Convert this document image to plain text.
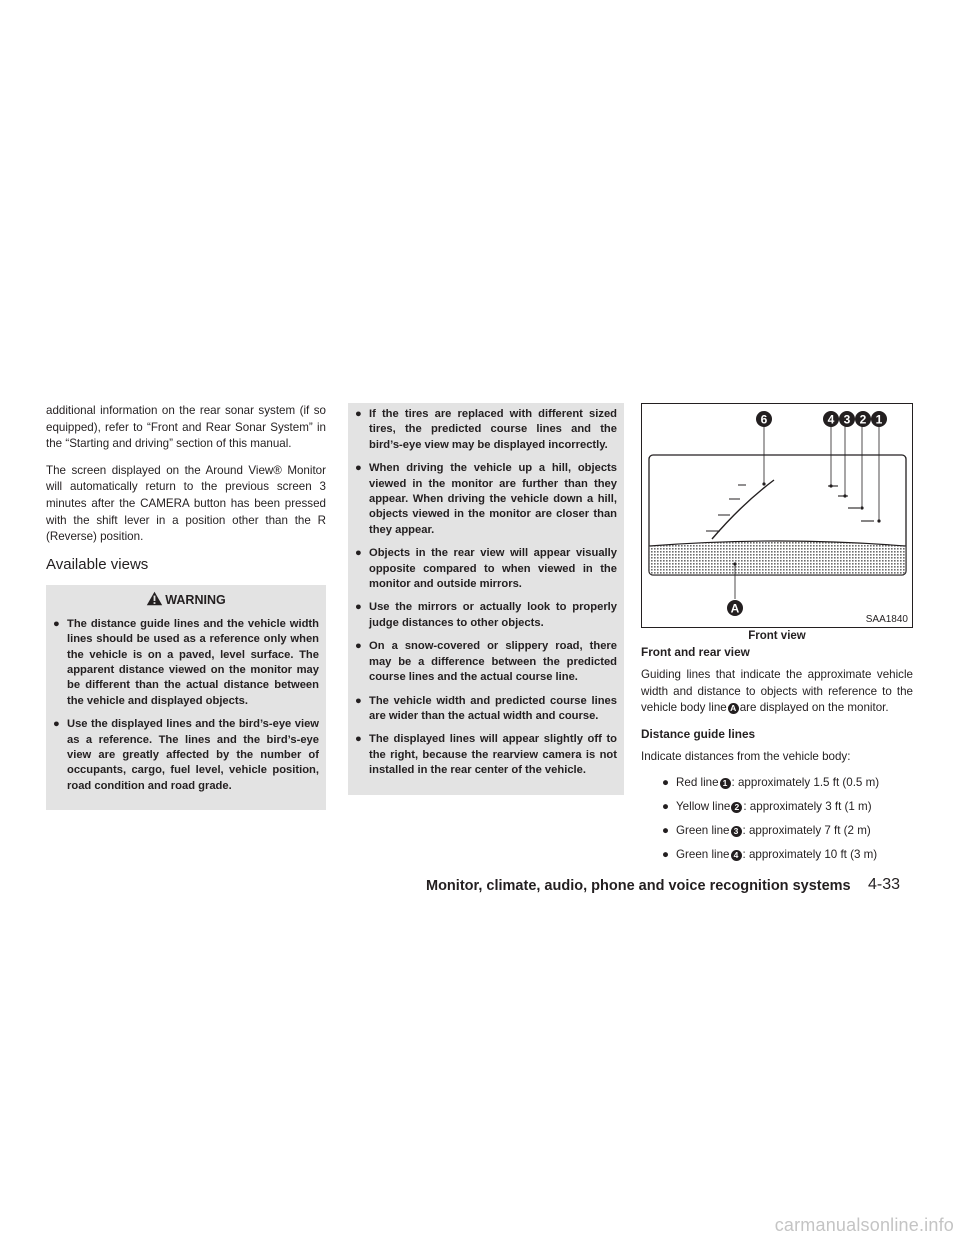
additional information on the rear sonar system (if so equipped), refer to “Front and Rear Sonar System” in the “Starting and driving” section of this manual.

The screen displayed on the Around View® Monitor will automatically return to the previous screen 3 minutes after the CAMERA button has been pressed with the shift lever in a position other than the R (Reverse) position.

Available views
WARNING
● The distance guide lines and the vehicle width lines should be used as a reference only when the vehicle is on a paved, level surface. The apparent distance viewed on the monitor may be different than the actual distance between the vehicle and displayed objects.
● Use the displayed lines and the bird’s-eye view as a reference. The lines and the bird’s-eye view are greatly affected by the number of occupants, cargo, fuel level, vehicle position, road condition and road grade.
● If the tires are replaced with different sized tires, the predicted course lines and the bird’s-eye view may be displayed incorrectly.
● When driving the vehicle up a hill, objects viewed in the monitor are further than they appear. When driving the vehicle down a hill, objects viewed in the monitor are closer than they appear.
● Objects in the rear view will appear visually opposite compared to when viewed in the monitor and outside mirrors.
● Use the mirrors or actually look to properly judge distances to other objects.
● On a snow-covered or slippery road, there may be a difference between the predicted course lines and the actual course line.
● The vehicle width and predicted course lines are wider than the actual width and course.
● The displayed lines will appear slightly off to the right, because the rearview camera is not installed in the rear center of the vehicle.
6	4 3 2 1
A
SAA1840
Front view
Front and rear view

Guiding lines that indicate the approximate vehicle width and distance to objects with reference to the vehicle body line A are displayed on the monitor.

Distance guide lines

Indicate distances from the vehicle body:

● Red line 1 : approximately 1.5 ft (0.5 m)
● Yellow line 2 : approximately 3 ft (1 m)
● Green line 3 : approximately 7 ft (2 m)
● Green line 4 : approximately 10 ft (3 m)
Monitor, climate, audio, phone and voice recognition systems 4-33
carmanualsonline.info
